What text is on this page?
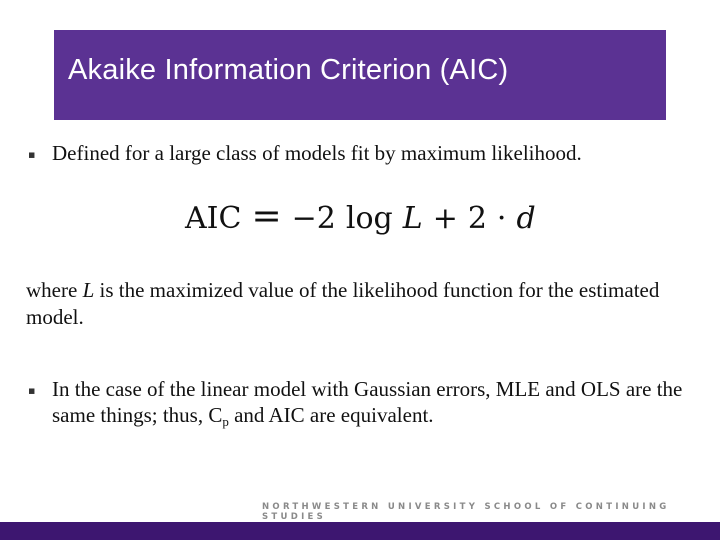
Akaike Information Criterion (AIC)
▪ Defined for a large class of models fit by maximum likelihood.
AIC = −2 log L + 2 · d
where L is the maximized value of the likelihood function for the estimated model.
▪ In the case of the linear model with Gaussian errors, MLE and OLS are the same things; thus, $C_p$ and AIC are equivalent.
NORTHWESTERN UNIVERSITY SCHOOL OF CONTINUING STUDIES
